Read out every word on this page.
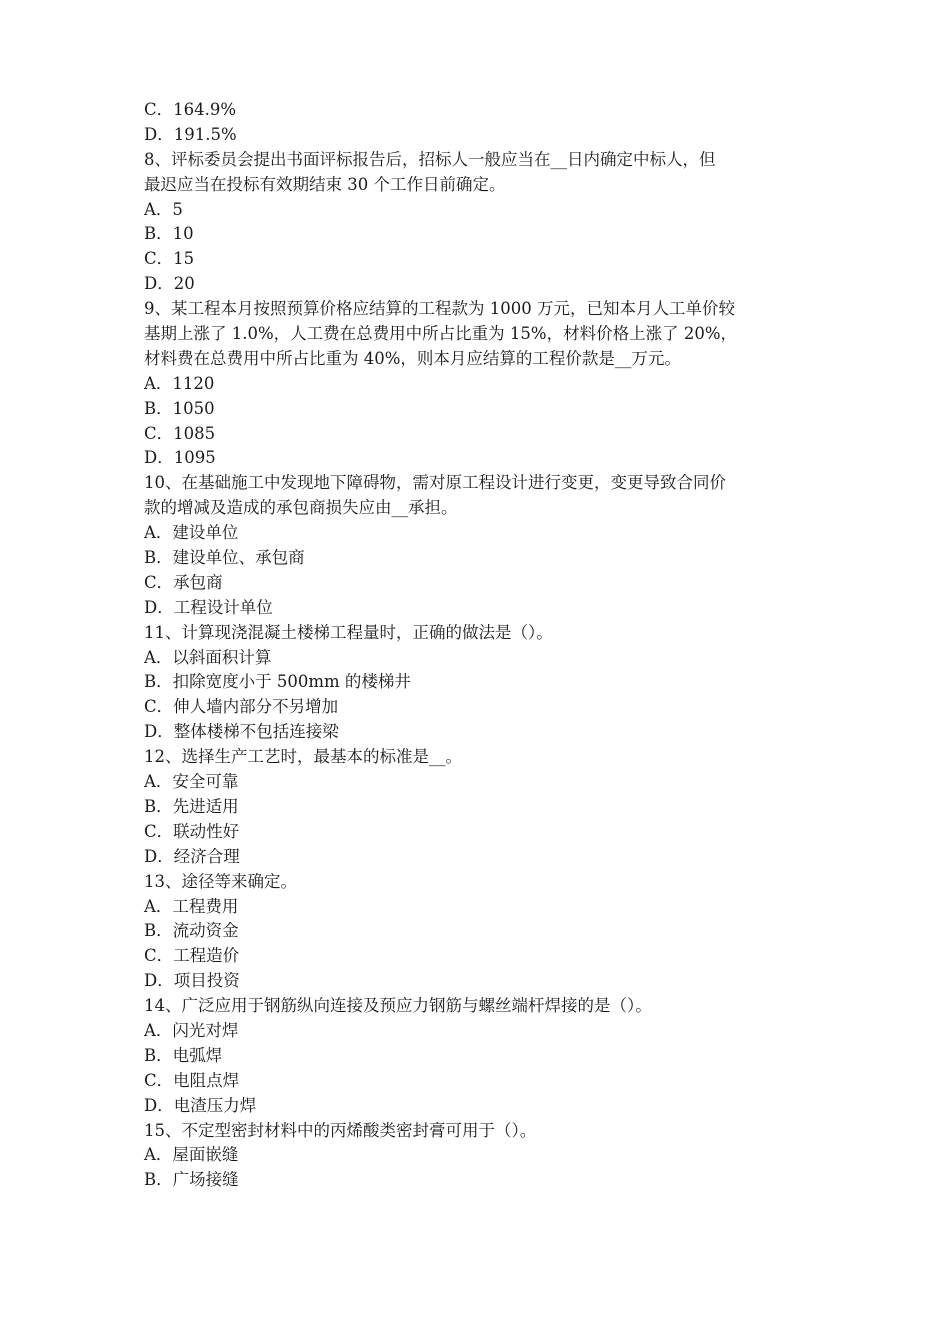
C．164.9%
D．191.5%
8、评标委员会提出书面评标报告后，招标人一般应当在__日内确定中标人，但
最迟应当在投标有效期结束 30 个工作日前确定。
A．5
B．10
C．15
D．20
9、某工程本月按照预算价格应结算的工程款为 1000 万元，已知本月人工单价较
基期上涨了 1.0%，人工费在总费用中所占比重为 15%，材料价格上涨了 20%，
材料费在总费用中所占比重为 40%，则本月应结算的工程价款是__万元。
A．1120
B．1050
C．1085
D．1095
10、在基础施工中发现地下障碍物，需对原工程设计进行变更，变更导致合同价
款的增减及造成的承包商损失应由__承担。
A．建设单位
B．建设单位、承包商
C．承包商
D．工程设计单位
11、计算现浇混凝土楼梯工程量时，正确的做法是（）。
A．以斜面积计算
B．扣除宽度小于 500mm 的楼梯井
C．伸人墙内部分不另增加
D．整体楼梯不包括连接梁
12、选择生产工艺时，最基本的标准是__。
A．安全可靠
B．先进适用
C．联动性好
D．经济合理
13、途径等来确定。
A．工程费用
B．流动资金
C．工程造价
D．项目投资
14、广泛应用于钢筋纵向连接及预应力钢筋与螺丝端杆焊接的是（）。
A．闪光对焊
B．电弧焊
C．电阻点焊
D．电渣压力焊
15、不定型密封材料中的丙烯酸类密封膏可用于（）。
A．屋面嵌缝
B．广场接缝
